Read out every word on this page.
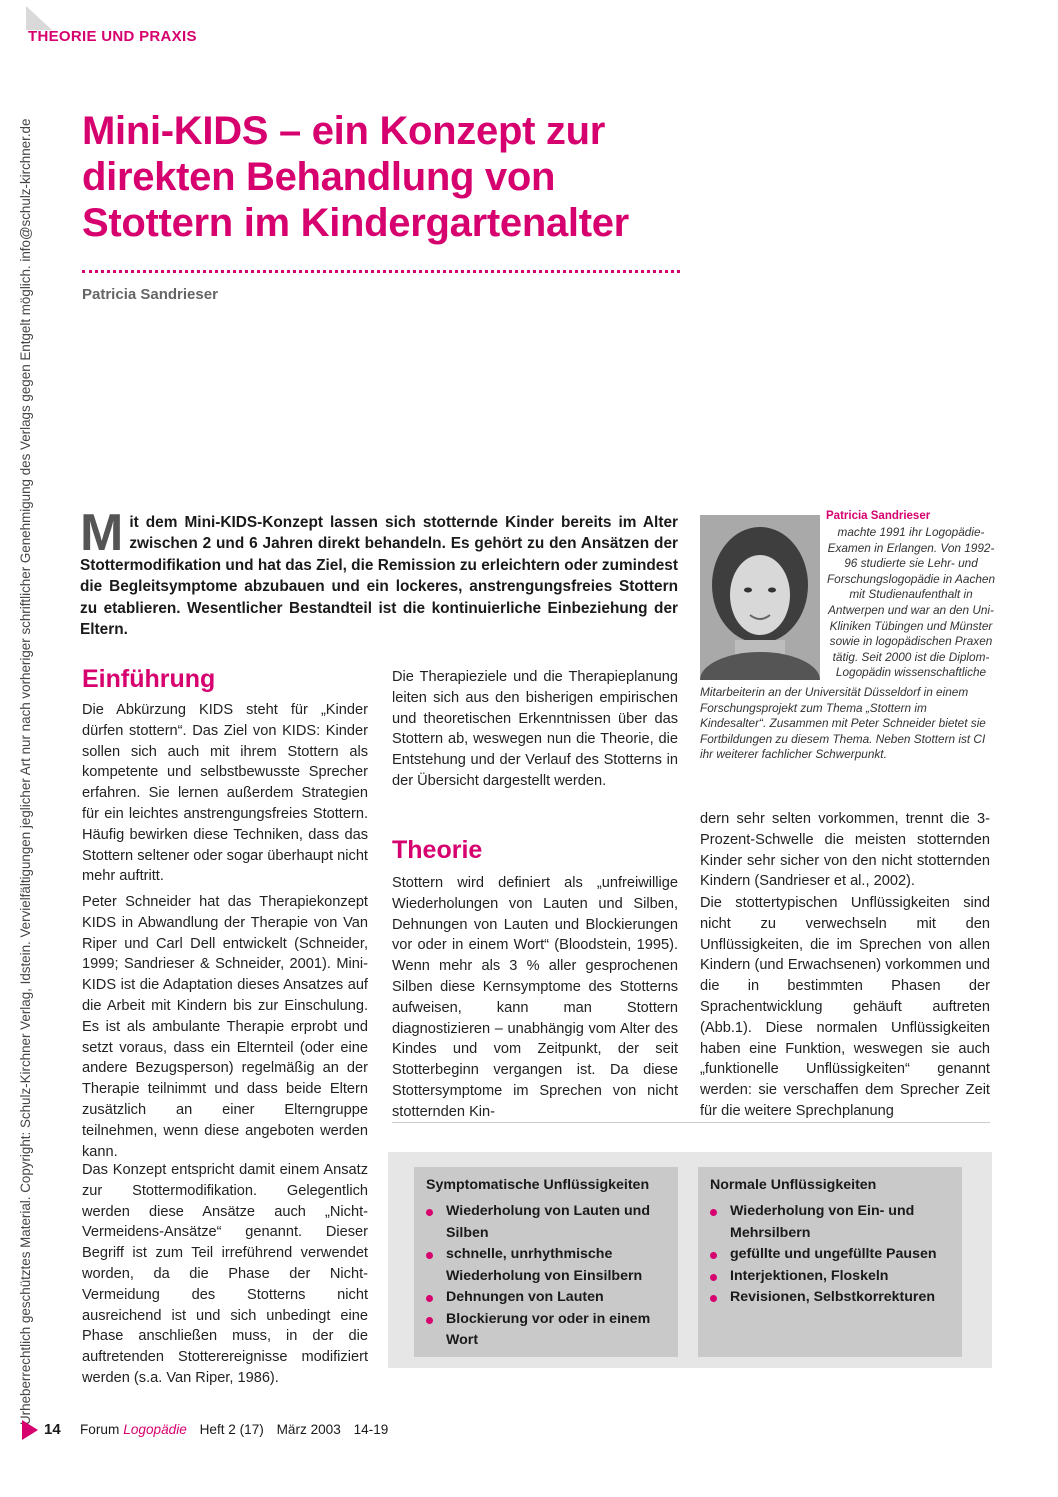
THEORIE UND PRAXIS
Urheberrechtlich geschütztes Material. Copyright: Schulz-Kirchner Verlag, Idstein. Vervielfältigungen jeglicher Art nur nach vorheriger schriftlicher Genehmigung des Verlags gegen Entgelt möglich. info@schulz-kirchner.de Mini-KIDS – ein Konzept zur
direkten Behandlung von
Stottern im Kindergartenalter
Patricia Sandrieser
Mit dem Mini-KIDS-Konzept lassen sich stotternde Kinder bereits im Alter zwischen 2 und 6 Jahren direkt behandeln. Es gehört zu den Ansätzen der Stottermodifikation und hat das Ziel, die Remission zu erleichtern oder zumindest die Begleitsymptome abzubauen und ein lockeres, anstrengungsfreies Stottern zu etablieren. Wesentlicher Bestandteil ist die kontinuierliche Einbeziehung der Eltern.
Patricia Sandrieser
machte 1991 ihr Logopädie-Examen in Erlangen. Von 1992-96 studierte sie Lehr- und Forschungslogopädie in Aachen mit Studienaufenthalt in Antwerpen und war an den Uni-Kliniken Tübingen und Münster sowie in logopädischen Praxen tätig. Seit 2000 ist die Diplom-Logopädin wissenschaftliche
Mitarbeiterin an der Universität Düsseldorf in einem Forschungsprojekt zum Thema „Stottern im Kindesalter“. Zusammen mit Peter Schneider bietet sie Fortbildungen zu diesem Thema. Neben Stottern ist CI ihr weiterer fachlicher Schwerpunkt.
Einführung
Die Abkürzung KIDS steht für „Kinder dürfen stottern“. Das Ziel von KIDS: Kinder sollen sich auch mit ihrem Stottern als kompetente und selbstbewusste Sprecher erfahren. Sie lernen außerdem Strategien für ein leichtes anstrengungsfreies Stottern. Häufig bewirken diese Techniken, dass das Stottern seltener oder sogar überhaupt nicht mehr auftritt.
Peter Schneider hat das Therapiekonzept KIDS in Abwandlung der Therapie von Van Riper und Carl Dell entwickelt (Schneider, 1999; Sandrieser & Schneider, 2001). Mini-KIDS ist die Adaptation dieses Ansatzes auf die Arbeit mit Kindern bis zur Einschulung. Es ist als ambulante Therapie erprobt und setzt voraus, dass ein Elternteil (oder eine andere Bezugsperson) regelmäßig an der Therapie teilnimmt und dass beide Eltern zusätzlich an einer Elterngruppe teilnehmen, wenn diese angeboten werden kann.
Das Konzept entspricht damit einem Ansatz zur Stottermodifikation. Gelegentlich werden diese Ansätze auch „Nicht-Vermeidens-Ansätze“ genannt. Dieser Begriff ist zum Teil irreführend verwendet worden, da die Phase der Nicht-Vermeidung des Stotterns nicht ausreichend ist und sich unbedingt eine Phase anschließen muss, in der die auftretenden Stotterereignisse modifiziert werden (s.a. Van Riper, 1986).
Die Therapieziele und die Therapieplanung leiten sich aus den bisherigen empirischen und theoretischen Erkenntnissen über das Stottern ab, weswegen nun die Theorie, die Entstehung und der Verlauf des Stotterns in der Übersicht dargestellt werden.
Theorie
Stottern wird definiert als „unfreiwillige Wiederholungen von Lauten und Silben, Dehnungen von Lauten und Blockierungen vor oder in einem Wort“ (Bloodstein, 1995). Wenn mehr als 3 % aller gesprochenen Silben diese Kernsymptome des Stotterns aufweisen, kann man Stottern diagnostizieren – unabhängig vom Alter des Kindes und vom Zeitpunkt, der seit Stotterbeginn vergangen ist. Da diese Stottersymptome im Sprechen von nicht stotternden Kin-
dern sehr selten vorkommen, trennt die 3-Prozent-Schwelle die meisten stotternden Kinder sehr sicher von den nicht stotternden Kindern (Sandrieser et al., 2002).
Die stottertypischen Unflüssigkeiten sind nicht zu verwechseln mit den Unflüssigkeiten, die im Sprechen von allen Kindern (und Erwachsenen) vorkommen und die in bestimmten Phasen der Sprachentwicklung gehäuft auftreten (Abb.1). Diese normalen Unflüssigkeiten haben eine Funktion, weswegen sie auch „funktionelle Unflüssigkeiten“ genannt werden: sie verschaffen dem Sprecher Zeit für die weitere Sprechplanung
Symptomatische Unflüssigkeiten
Wiederholung von Lauten und Silben
schnelle, unrhythmische Wiederholung von Einsilbern
Dehnungen von Lauten
Blockierung vor oder in einem Wort
Normale Unflüssigkeiten
Wiederholung von Ein- und Mehrsilbern
gefüllte und ungefüllte Pausen
Interjektionen, Floskeln
Revisionen, Selbstkorrekturen
14 Forum Logopädie Heft 2 (17) März 2003 14-19
